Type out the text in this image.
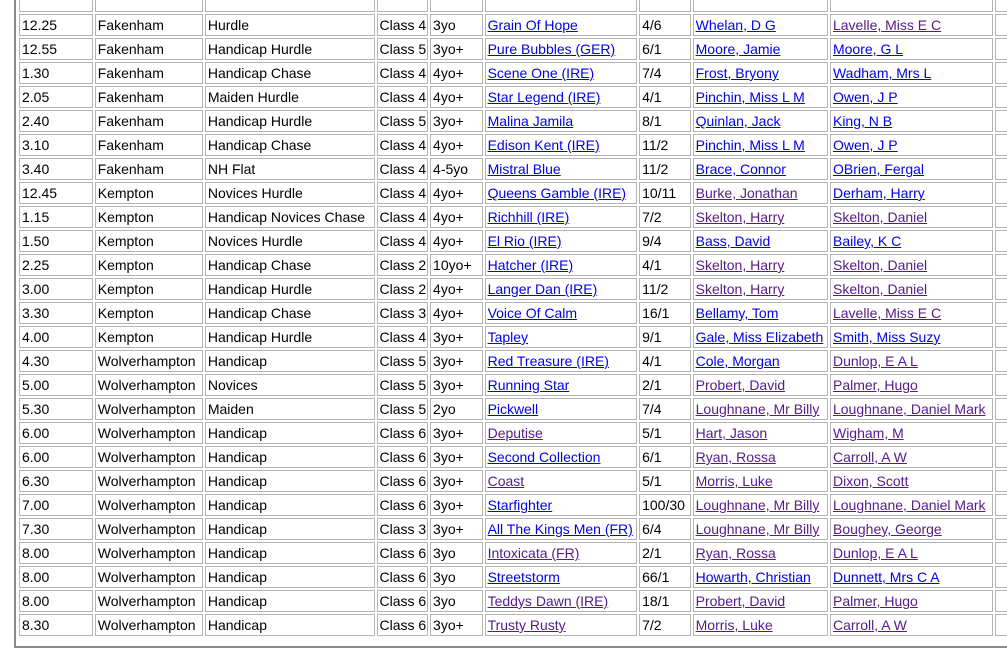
12.25	Fakenham	Hurdle	Class 4	3yo	Grain Of Hope	4/6	Whelan, D G	Lavelle, Miss E C	
12.55	Fakenham	Handicap Hurdle	Class 5	3yo+	Pure Bubbles (GER)	6/1	Moore, Jamie	Moore, G L	
1.30	Fakenham	Handicap Chase	Class 4	4yo+	Scene One (IRE)	7/4	Frost, Bryony	Wadham, Mrs L	
2.05	Fakenham	Maiden Hurdle	Class 4	4yo+	Star Legend (IRE)	4/1	Pinchin, Miss L M	Owen, J P	
2.40	Fakenham	Handicap Hurdle	Class 5	3yo+	Malina Jamila	8/1	Quinlan, Jack	King, N B	
3.10	Fakenham	Handicap Chase	Class 4	4yo+	Edison Kent (IRE)	11/2	Pinchin, Miss L M	Owen, J P	
3.40	Fakenham	NH Flat	Class 4	4-5yo	Mistral Blue	11/2	Brace, Connor	OBrien, Fergal	
12.45	Kempton	Novices Hurdle	Class 4	4yo+	Queens Gamble (IRE)	10/11	Burke, Jonathan	Derham, Harry	
1.15	Kempton	Handicap Novices Chase	Class 4	4yo+	Richhill (IRE)	7/2	Skelton, Harry	Skelton, Daniel	
1.50	Kempton	Novices Hurdle	Class 4	4yo+	El Rio (IRE)	9/4	Bass, David	Bailey, K C	
2.25	Kempton	Handicap Chase	Class 2	10yo+	Hatcher (IRE)	4/1	Skelton, Harry	Skelton, Daniel	
3.00	Kempton	Handicap Hurdle	Class 2	4yo+	Langer Dan (IRE)	11/2	Skelton, Harry	Skelton, Daniel	
3.30	Kempton	Handicap Chase	Class 3	4yo+	Voice Of Calm	16/1	Bellamy, Tom	Lavelle, Miss E C	
4.00	Kempton	Handicap Hurdle	Class 4	3yo+	Tapley	9/1	Gale, Miss Elizabeth	Smith, Miss Suzy	
4.30	Wolverhampton	Handicap	Class 5	3yo+	Red Treasure (IRE)	4/1	Cole, Morgan	Dunlop, E A L	
5.00	Wolverhampton	Novices	Class 5	3yo+	Running Star	2/1	Probert, David	Palmer, Hugo	
5.30	Wolverhampton	Maiden	Class 5	2yo	Pickwell	7/4	Loughnane, Mr Billy	Loughnane, Daniel Mark	
6.00	Wolverhampton	Handicap	Class 6	3yo+	Deputise	5/1	Hart, Jason	Wigham, M	
6.00	Wolverhampton	Handicap	Class 6	3yo+	Second Collection	6/1	Ryan, Rossa	Carroll, A W	
6.30	Wolverhampton	Handicap	Class 6	3yo+	Coast	5/1	Morris, Luke	Dixon, Scott	
7.00	Wolverhampton	Handicap	Class 6	3yo+	Starfighter	100/30	Loughnane, Mr Billy	Loughnane, Daniel Mark	
7.30	Wolverhampton	Handicap	Class 3	3yo+	All The Kings Men (FR)	6/4	Loughnane, Mr Billy	Boughey, George	
8.00	Wolverhampton	Handicap	Class 6	3yo	Intoxicata (FR)	2/1	Ryan, Rossa	Dunlop, E A L	
8.00	Wolverhampton	Handicap	Class 6	3yo	Streetstorm	66/1	Howarth, Christian	Dunnett, Mrs C A	
8.00	Wolverhampton	Handicap	Class 6	3yo	Teddys Dawn (IRE)	18/1	Probert, David	Palmer, Hugo	
8.30	Wolverhampton	Handicap	Class 6	3yo+	Trusty Rusty	7/2	Morris, Luke	Carroll, A W	
